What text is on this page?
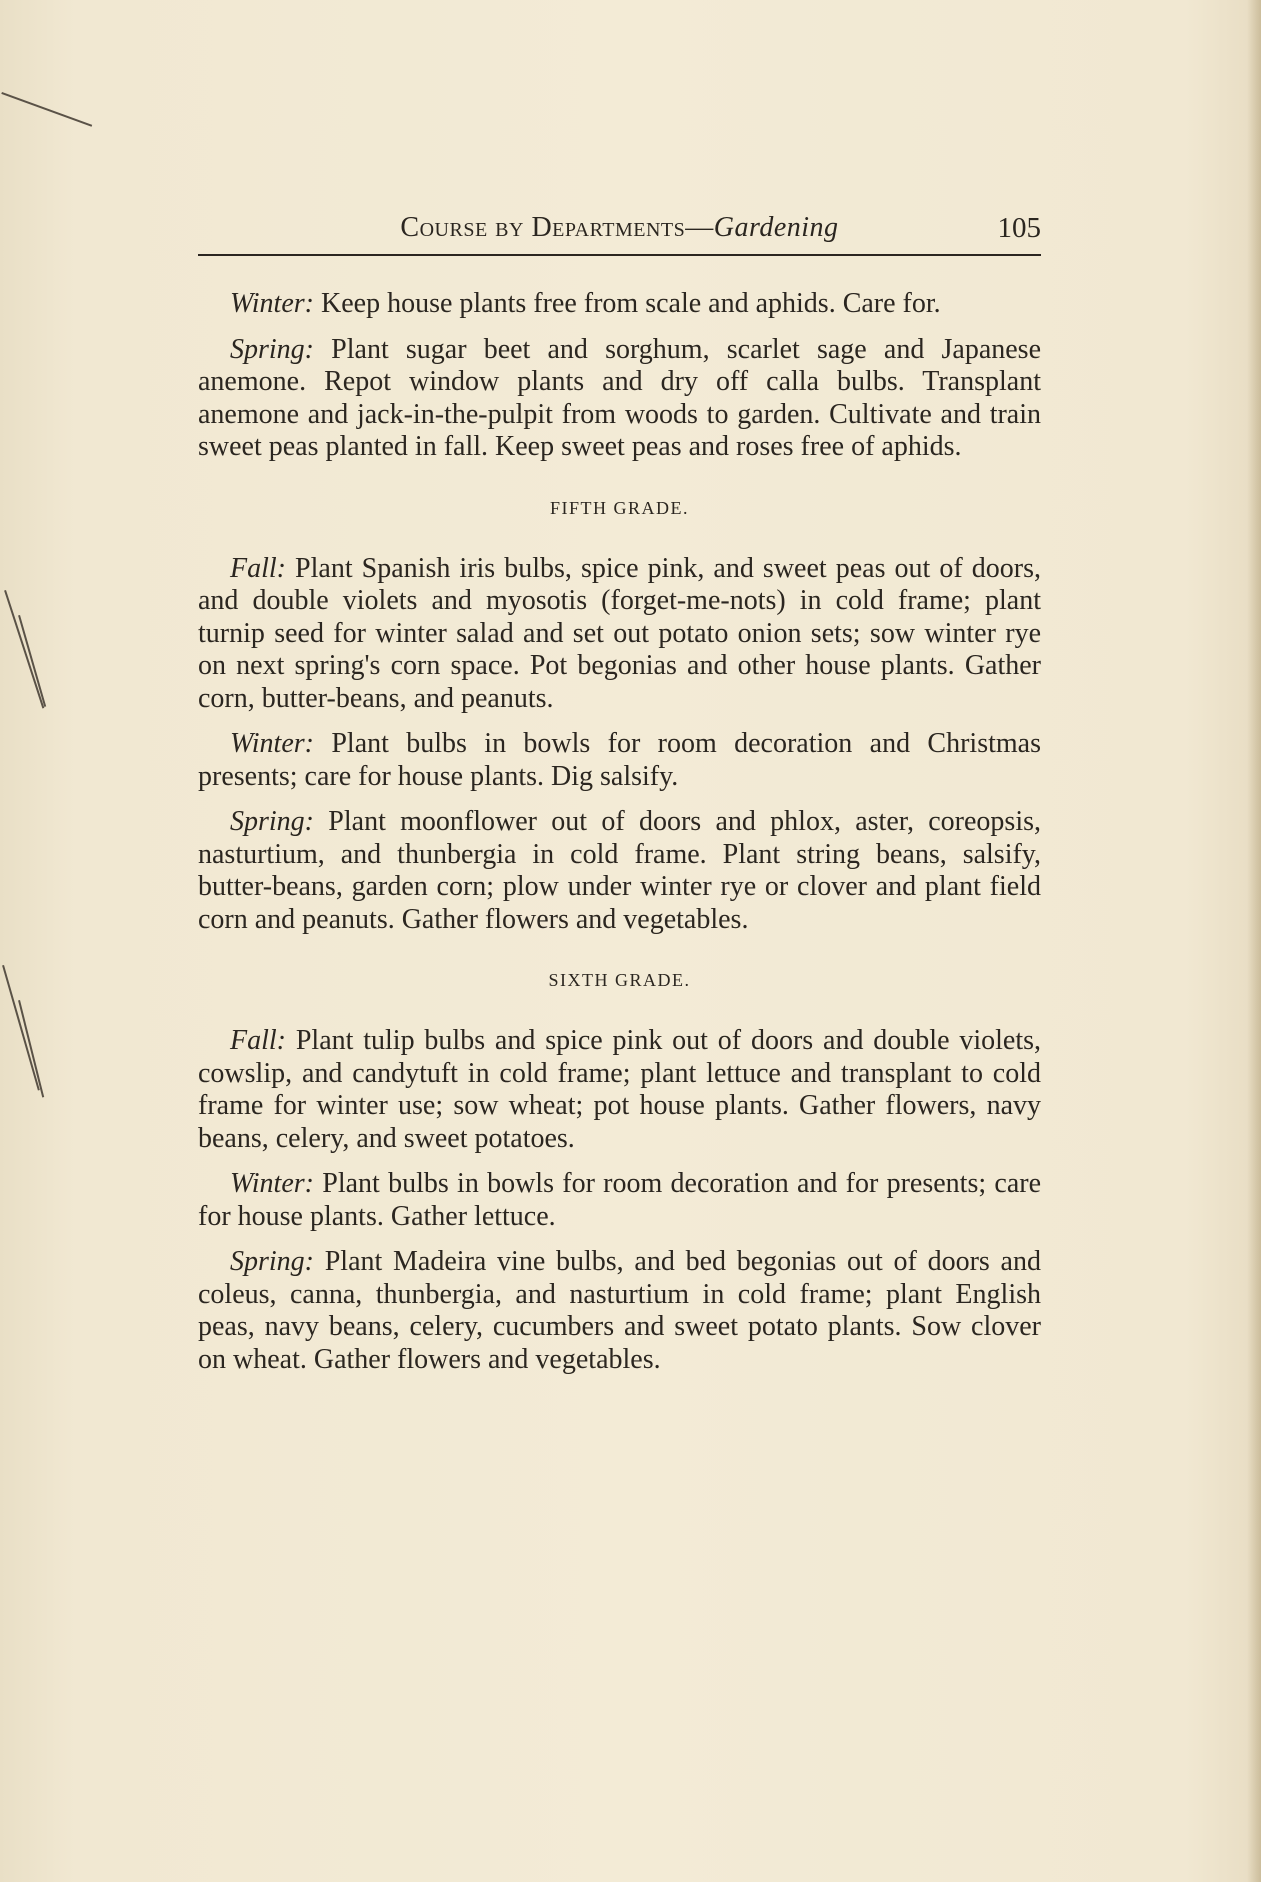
Course by Departments—Gardening	105

Winter: Keep house plants free from scale and aphids. Care for.

Spring: Plant sugar beet and sorghum, scarlet sage and Japanese anemone. Repot window plants and dry off calla bulbs. Transplant anemone and jack-in-the-pulpit from woods to garden. Cultivate and train sweet peas planted in fall. Keep sweet peas and roses free of aphids.

FIFTH GRADE.

Fall: Plant Spanish iris bulbs, spice pink, and sweet peas out of doors, and double violets and myosotis (forget-me-nots) in cold frame; plant turnip seed for winter salad and set out potato onion sets; sow winter rye on next spring's corn space. Pot begonias and other house plants. Gather corn, butter-beans, and peanuts.

Winter: Plant bulbs in bowls for room decoration and Christmas presents; care for house plants. Dig salsify.

Spring: Plant moonflower out of doors and phlox, aster, coreopsis, nasturtium, and thunbergia in cold frame. Plant string beans, salsify, butter-beans, garden corn; plow under winter rye or clover and plant field corn and peanuts. Gather flowers and vegetables.

SIXTH GRADE.

Fall: Plant tulip bulbs and spice pink out of doors and double violets, cowslip, and candytuft in cold frame; plant lettuce and transplant to cold frame for winter use; sow wheat; pot house plants. Gather flowers, navy beans, celery, and sweet potatoes.

Winter: Plant bulbs in bowls for room decoration and for presents; care for house plants. Gather lettuce.

Spring: Plant Madeira vine bulbs, and bed begonias out of doors and coleus, canna, thunbergia, and nasturtium in cold frame; plant English peas, navy beans, celery, cucumbers and sweet potato plants. Sow clover on wheat. Gather flowers and vegetables.
